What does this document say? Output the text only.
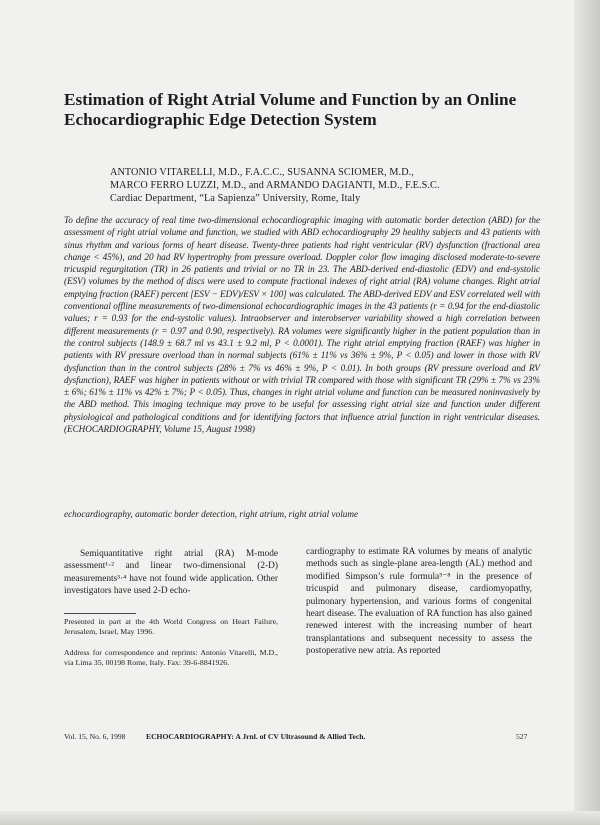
Estimation of Right Atrial Volume and Function by an Online Echocardiographic Edge Detection System
ANTONIO VITARELLI, M.D., F.A.C.C., SUSANNA SCIOMER, M.D.,
MARCO FERRO LUZZI, M.D., and ARMANDO DAGIANTI, M.D., F.E.S.C.
Cardiac Department, “La Sapienza” University, Rome, Italy

To define the accuracy of real time two-dimensional echocardiographic imaging with automatic border detection (ABD) for the assessment of right atrial volume and function, we studied with ABD echocardiography 29 healthy subjects and 43 patients with sinus rhythm and various forms of heart disease. Twenty-three patients had right ventricular (RV) dysfunction (fractional area change < 45%), and 20 had RV hypertrophy from pressure overload. Doppler color flow imaging disclosed moderate-to-severe tricuspid regurgitation (TR) in 26 patients and trivial or no TR in 23. The ABD-derived end-diastolic (EDV) and end-systolic (ESV) volumes by the method of discs were used to compute fractional indexes of right atrial (RA) volume changes. Right atrial emptying fraction (RAEF) percent [ESV − EDV)/ESV × 100] was calculated. The ABD-derived EDV and ESV correlated well with conventional offline measurements of two-dimensional echocardiographic images in the 43 patients (r = 0.94 for the end-diastolic values; r = 0.93 for the end-systolic values). Intraobserver and interobserver variability showed a high correlation between different measurements (r = 0.97 and 0.90, respectively). RA volumes were significantly higher in the patient population than in the control subjects (148.9 ± 68.7 ml vs 43.1 ± 9.2 ml, P < 0.0001). The right atrial emptying fraction (RAEF) was higher in patients with RV pressure overload than in normal subjects (61% ± 11% vs 36% ± 9%, P < 0.05) and lower in those with RV dysfunction than in the control subjects (28% ± 7% vs 46% ± 9%, P < 0.01). In both groups (RV pressure overload and RV dysfunction), RAEF was higher in patients without or with trivial TR compared with those with significant TR (29% ± 7% vs 23% ± 6%; 61% ± 11% vs 42% ± 7%; P < 0.05). Thus, changes in right atrial volume and function can be measured noninvasively by the ABD method. This imaging technique may prove to be useful for assessing right atrial size and function under different physiological and pathological conditions and for identifying factors that influence atrial function in right ventricular diseases. (ECHOCARDIOGRAPHY, Volume 15, August 1998)

echocardiography, automatic border detection, right atrium, right atrial volume

Semiquantitative right atrial (RA) M-mode assessment¹·² and linear two-dimensional (2-D) measurements³·⁴ have not found wide application. Other investigators have used 2-D echo-

Presented in part at the 4th World Congress on Heart Failure, Jerusalem, Israel, May 1996.
Address for correspondence and reprints: Antonio Vitarelli, M.D., via Lima 35, 00198 Rome, Italy. Fax: 39-6-8841926.

cardiography to estimate RA volumes by means of analytic methods such as single-plane area-length (AL) method and modified Simpson’s rule formula⁵⁻⁸ in the presence of tricuspid and pulmonary disease, cardiomyopathy, pulmonary hypertension, and various forms of congenital heart disease. The evaluation of RA function has also gained renewed interest with the increasing number of heart transplantations and subsequent necessity to assess the postoperative new atria. As reported

Vol. 15, No. 6, 1998	ECHOCARDIOGRAPHY: A Jrnl. of CV Ultrasound & Allied Tech.	527
